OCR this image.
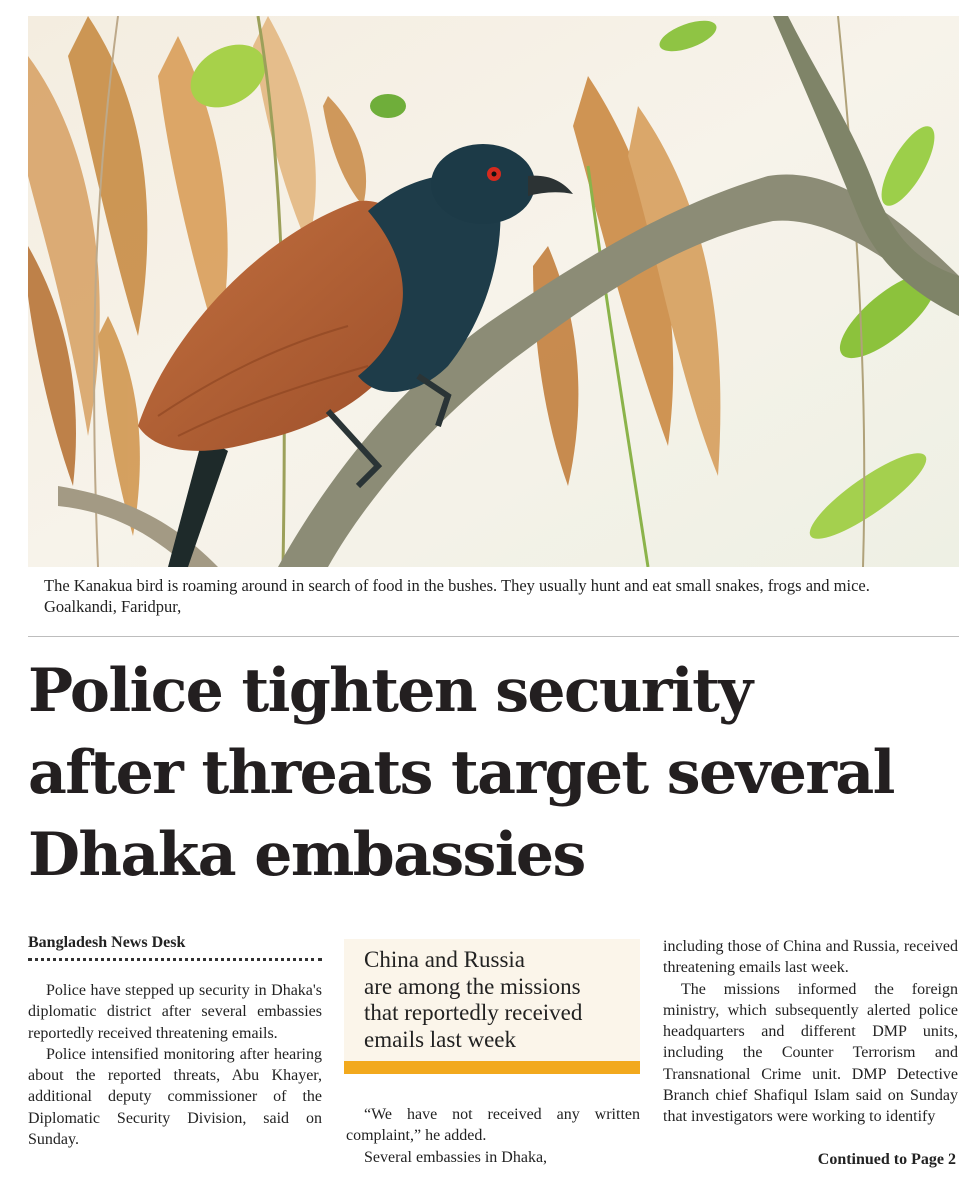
The Kanakua bird is roaming around in search of food in the bushes. They usually hunt and eat small snakes, frogs and mice. Goalkandi, Faridpur,
Police tighten security
after threats target several
Dhaka embassies
Bangladesh News Desk

Police have stepped up security in Dhaka's diplomatic district after several embassies reportedly received threatening emails.

Police intensified monitoring after hearing about the reported threats, Abu Khayer, additional deputy commissioner of the Diplomatic Security Division, said on Sunday.

China and Russia
are among the missions
that reportedly received
emails last week

“We have not received any written complaint,” he added.

Several embassies in Dhaka,

including those of China and Russia, received threatening emails last week.

The missions informed the foreign ministry, which subsequently alerted police headquarters and different DMP units, including the Counter Terrorism and Transnational Crime unit. DMP Detective Branch chief Shafiqul Islam said on Sunday that investigators were working to identify

Continued to Page 2
